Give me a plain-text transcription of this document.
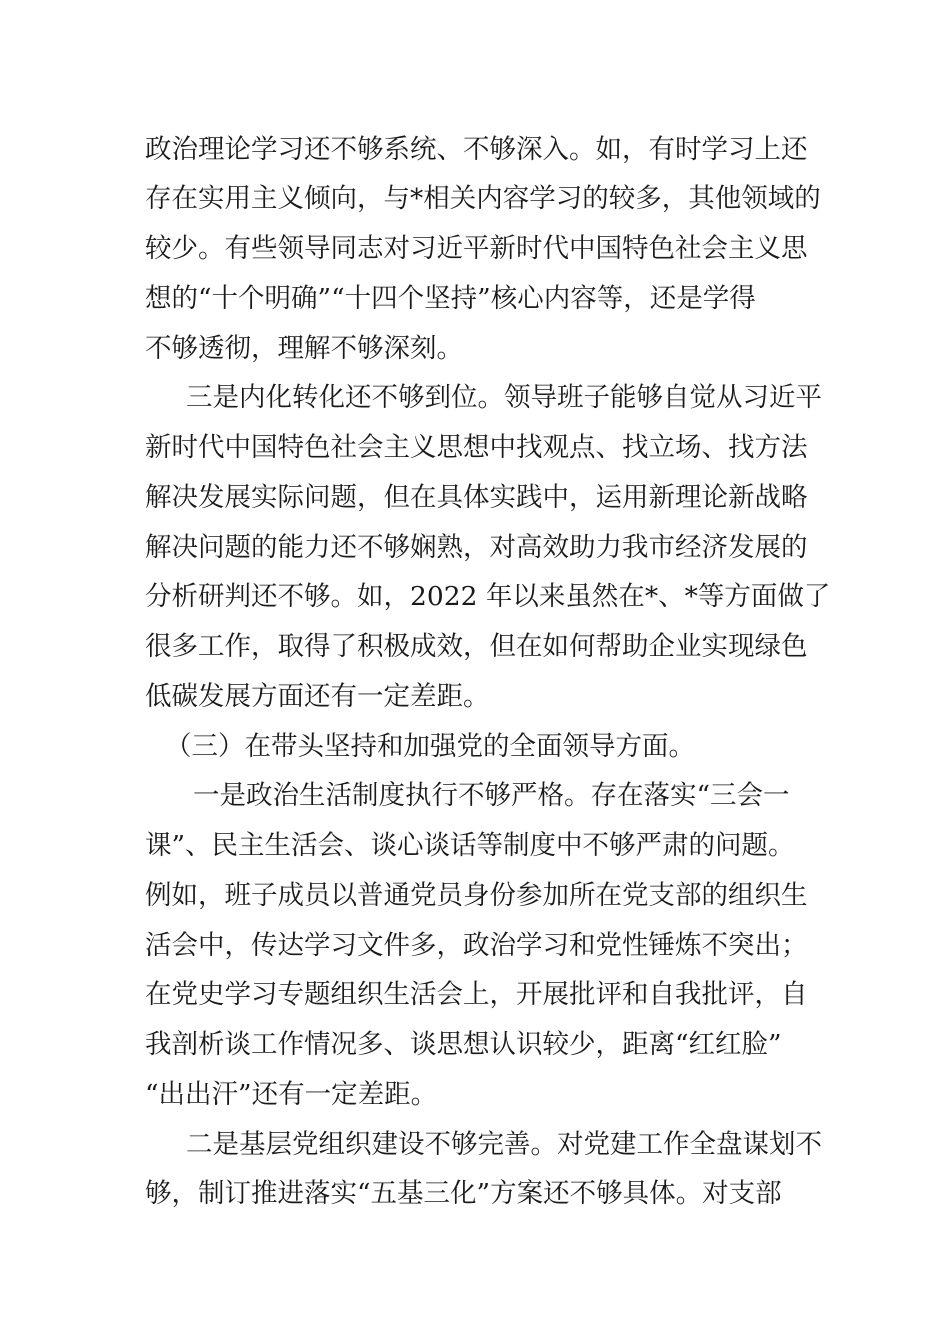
政治理论学习还不够系统、不够深入。如，有时学习上还
存在实用主义倾向，与*相关内容学习的较多，其他领域的
较少。有些领导同志对习近平新时代中国特色社会主义思
想的“十个明确”“十四个坚持”核心内容等，还是学得
不够透彻，理解不够深刻。
三是内化转化还不够到位。领导班子能够自觉从习近平
新时代中国特色社会主义思想中找观点、找立场、找方法
解决发展实际问题，但在具体实践中，运用新理论新战略
解决问题的能力还不够娴熟，对高效助力我市经济发展的
分析研判还不够。如，2022 年以来虽然在*、*等方面做了
很多工作，取得了积极成效，但在如何帮助企业实现绿色
低碳发展方面还有一定差距。
（三）在带头坚持和加强党的全面领导方面。
一是政治生活制度执行不够严格。存在落实“三会一
课”、民主生活会、谈心谈话等制度中不够严肃的问题。
例如，班子成员以普通党员身份参加所在党支部的组织生
活会中，传达学习文件多，政治学习和党性锤炼不突出；
在党史学习专题组织生活会上，开展批评和自我批评，自
我剖析谈工作情况多、谈思想认识较少，距离“红红脸”
“出出汗”还有一定差距。
二是基层党组织建设不够完善。对党建工作全盘谋划不
够，制订推进落实“五基三化”方案还不够具体。对支部
